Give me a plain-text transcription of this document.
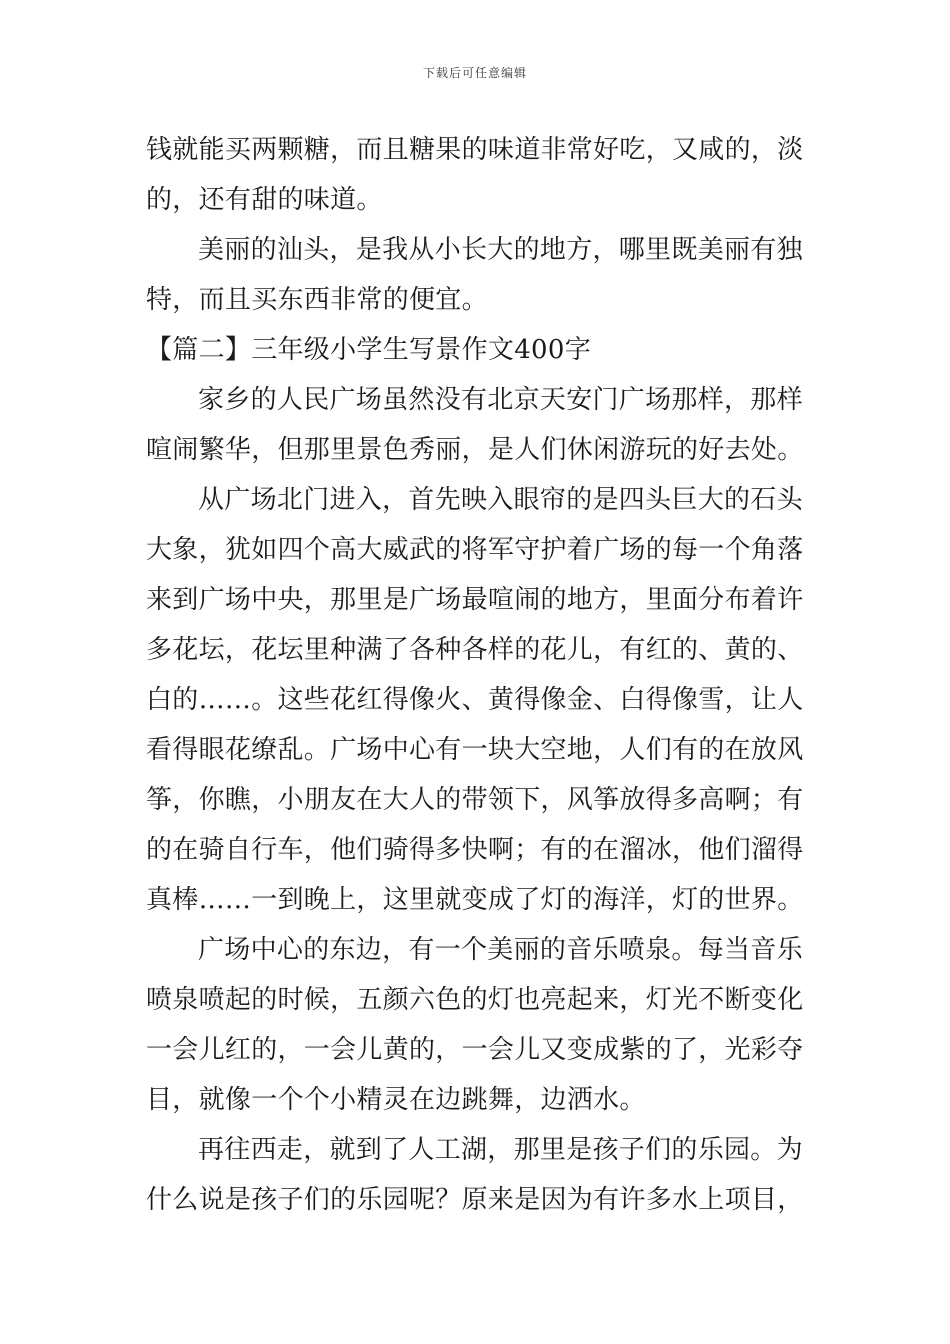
下载后可任意编辑
钱就能买两颗糖，而且糖果的味道非常好吃，又咸的，淡
的，还有甜的味道。
美丽的汕头，是我从小长大的地方，哪里既美丽有独
特，而且买东西非常的便宜。
【篇二】三年级小学生写景作文400字
家乡的人民广场虽然没有北京天安门广场那样，那样
喧闹繁华，但那里景色秀丽，是人们休闲游玩的好去处。
从广场北门进入，首先映入眼帘的是四头巨大的石头
大象，犹如四个高大威武的将军守护着广场的每一个角落
来到广场中央，那里是广场最喧闹的地方，里面分布着许
多花坛，花坛里种满了各种各样的花儿，有红的、黄的、
白的……。这些花红得像火、黄得像金、白得像雪，让人
看得眼花缭乱。广场中心有一块大空地，人们有的在放风
筝，你瞧，小朋友在大人的带领下，风筝放得多高啊；有
的在骑自行车，他们骑得多快啊；有的在溜冰，他们溜得
真棒……一到晚上，这里就变成了灯的海洋，灯的世界。
广场中心的东边，有一个美丽的音乐喷泉。每当音乐
喷泉喷起的时候，五颜六色的灯也亮起来，灯光不断变化
一会儿红的，一会儿黄的，一会儿又变成紫的了，光彩夺
目，就像一个个小精灵在边跳舞，边洒水。
再往西走，就到了人工湖，那里是孩子们的乐园。为
什么说是孩子们的乐园呢？原来是因为有许多水上项目，
